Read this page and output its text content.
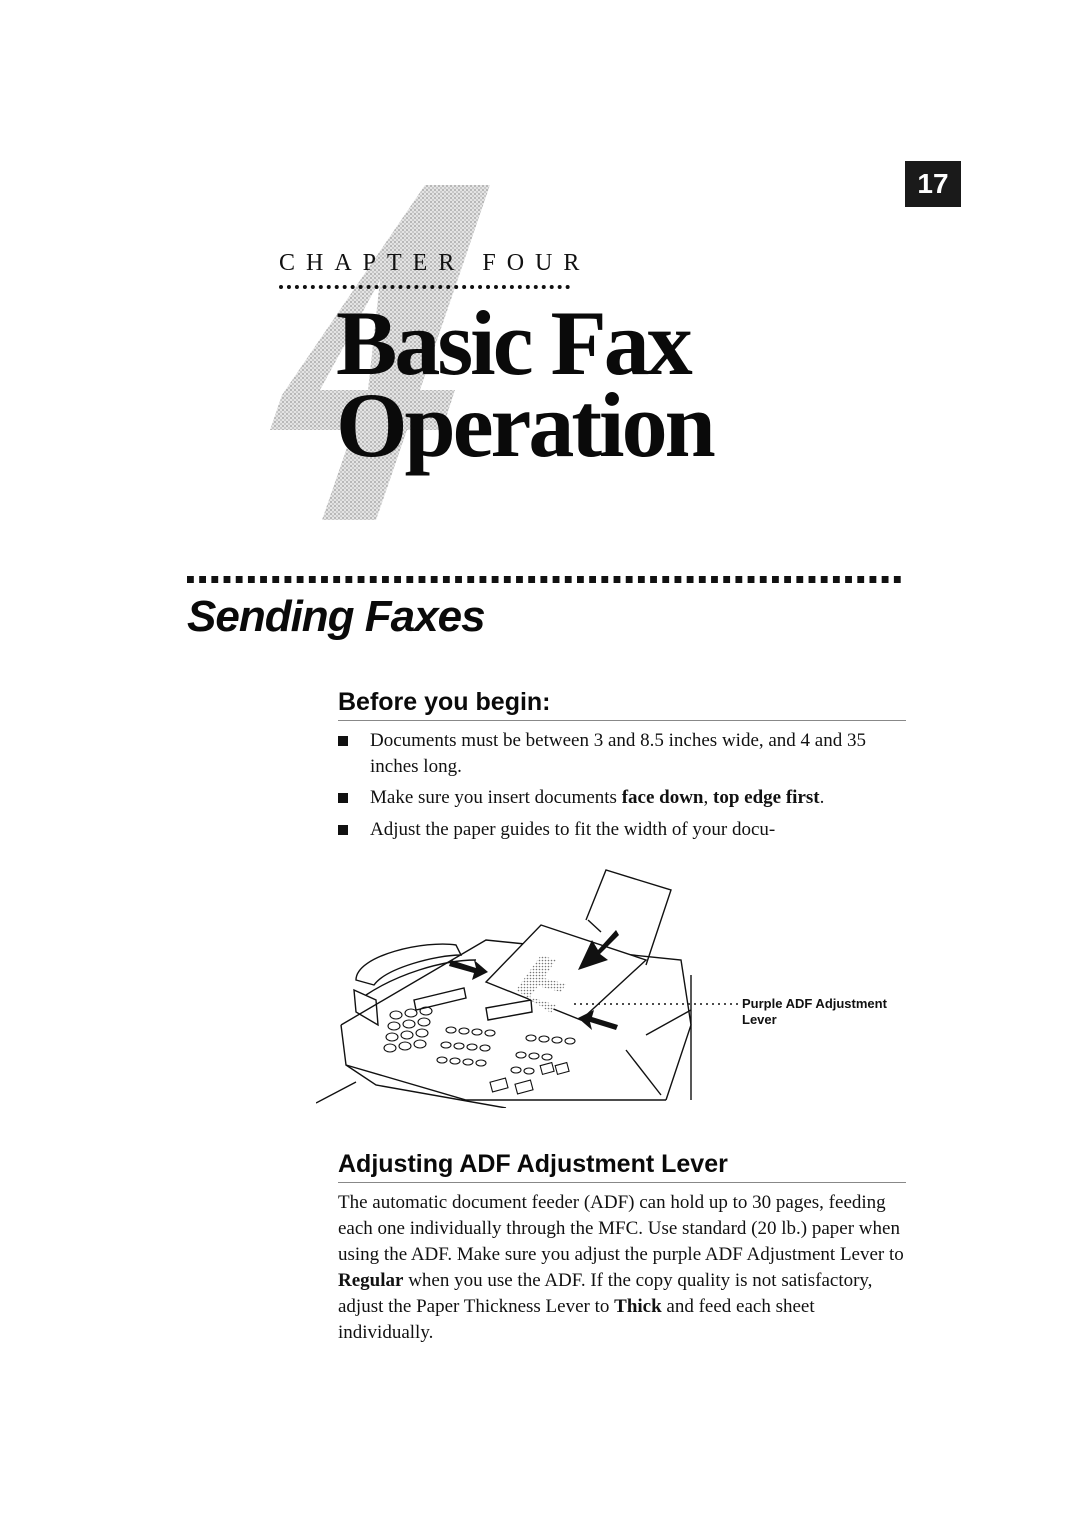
17
CHAPTER FOUR
Basic Fax
Operation
Sending Faxes
Before you begin:
Documents must be between 3 and 8.5 inches wide, and 4 and 35 inches long.
Make sure you insert documents face down, top edge first.
Adjust the paper guides to fit the width of your docu-
Purple ADF Adjustment
Lever
Adjusting ADF Adjustment Lever
The automatic document feeder (ADF) can hold up to 30 pages, feeding each one individually through the MFC. Use standard (20 lb.) paper when using the ADF. Make sure you adjust the purple ADF Adjustment Lever to Regular when you use the ADF. If the copy quality is not satisfactory, adjust the Paper Thickness Lever to Thick and feed each sheet individually.
